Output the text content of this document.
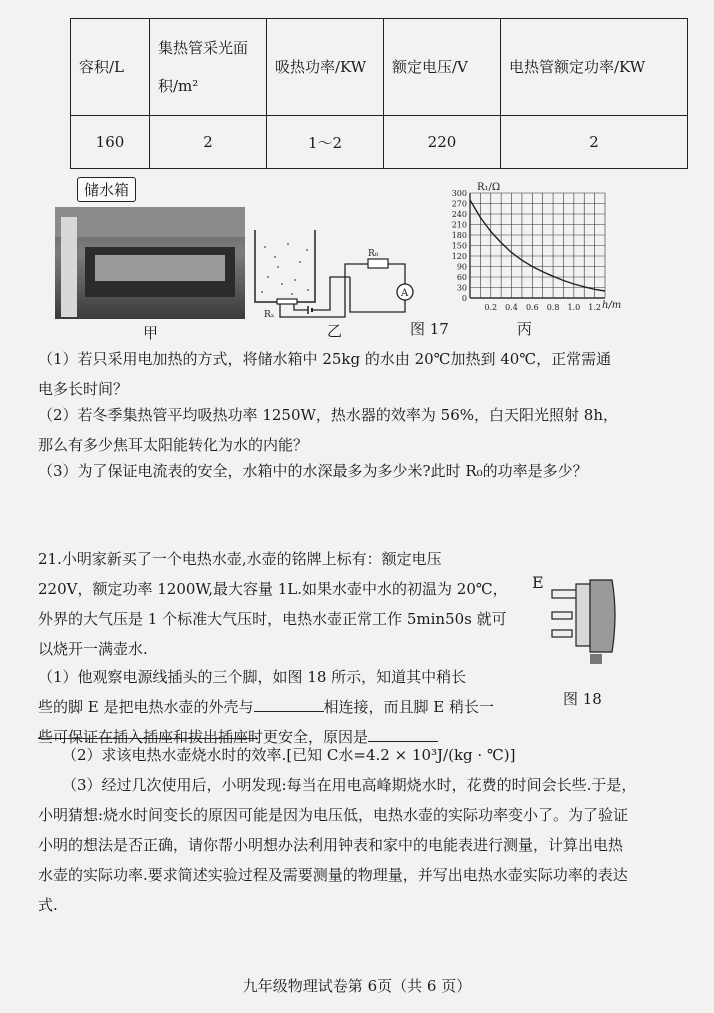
容积/L	集热管采光面积/m²	吸热功率/KW	额定电压/V	电热管额定功率/KW
160	2	1～2	220	2
储水箱
甲
R₀
A
Rₓ
乙	图 17
R₁/Ω
h/m
300
270
240
210
180
150
120
90
60
30
0
0.2 0.4 0.6 0.8 1.0 1.2
丙
（1）若只采用电加热的方式，将储水箱中 25kg 的水由 20℃加热到 40℃，正常需通
电多长时间？
（2）若冬季集热管平均吸热功率 1250W，热水器的效率为 56%，白天阳光照射 8h，
那么有多少焦耳太阳能转化为水的内能？
（3）为了保证电流表的安全，水箱中的水深最多为多少米?此时 R₀的功率是多少？
21.小明家新买了一个电热水壶,水壶的铭牌上标有：额定电压
220V，额定功率 1200W,最大容量 1L.如果水壶中水的初温为 20℃，
外界的大气压是 1 个标准大气压时，电热水壶正常工作 5min50s 就可
以烧开一满壶水.
（1）他观察电源线插头的三个脚，如图 18 所示，知道其中稍长
些的脚 E 是把电热水壶的外壳与	相连接，而且脚 E 稍长一
些可保证在插入插座和拔出插座时更安全，原因是
E
图 18
（2）求该电热水壶烧水时的效率.[已知 C水=4.2 × 10³J/(kg · ℃)]
（3）经过几次使用后，小明发现:每当在用电高峰期烧水时，花费的时间会长些.于是，
小明猜想:烧水时间变长的原因可能是因为电压低，电热水壶的实际功率变小了。为了验证
小明的想法是否正确，请你帮小明想办法利用钟表和家中的电能表进行测量，计算出电热
水壶的实际功率.要求简述实验过程及需要测量的物理量，并写出电热水壶实际功率的表达
式.
九年级物理试卷第 6页（共 6 页）
